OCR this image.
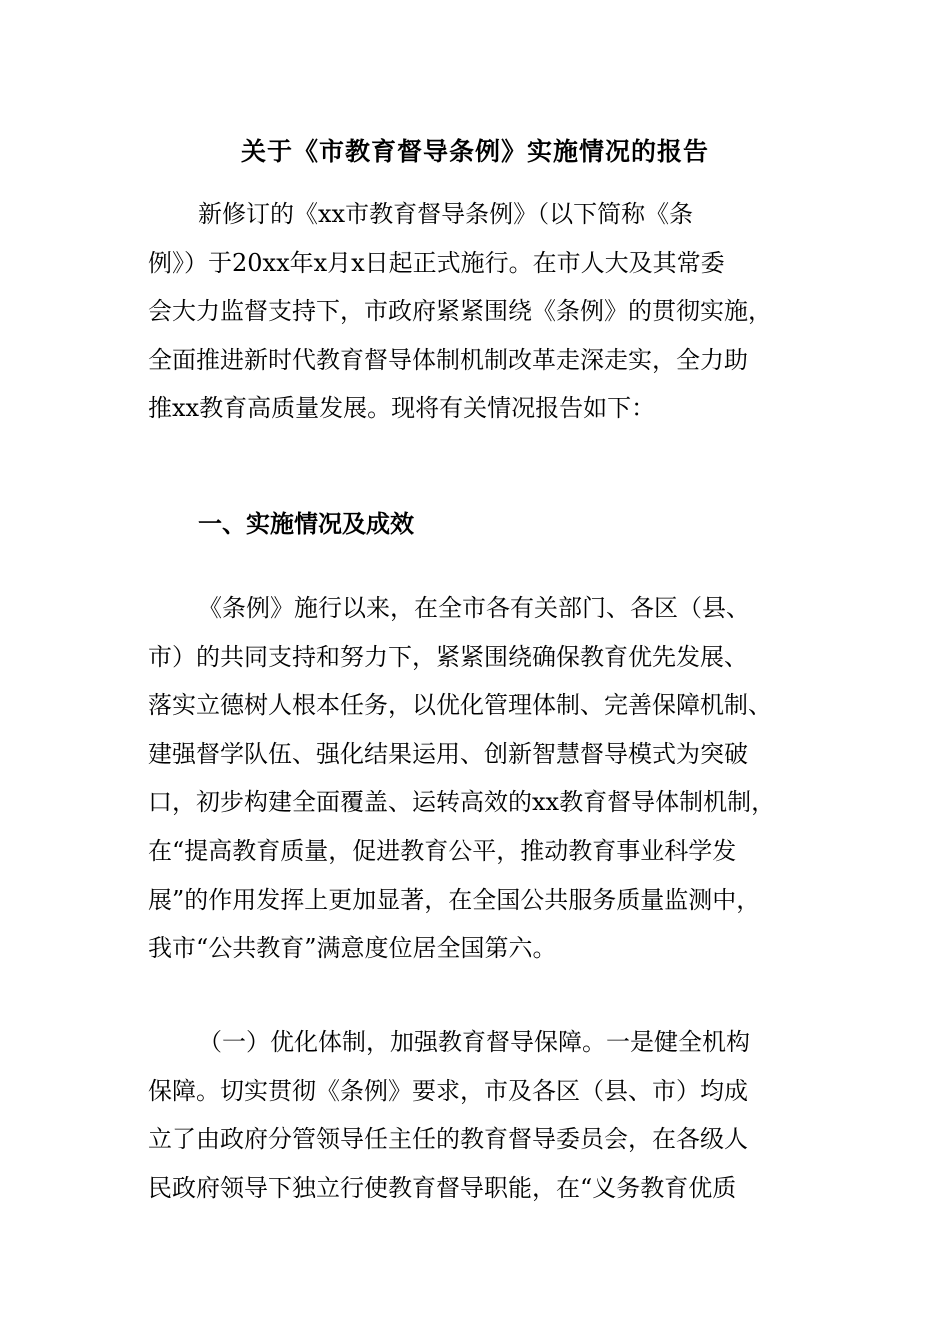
关于《市教育督导条例》实施情况的报告
新修订的《xx市教育督导条例》（以下简称《条
例》）于20xx年x月x日起正式施行。在市人大及其常委
会大力监督支持下，市政府紧紧围绕《条例》的贯彻实施，
全面推进新时代教育督导体制机制改革走深走实，全力助
推xx教育高质量发展。现将有关情况报告如下：
一、实施情况及成效
《条例》施行以来，在全市各有关部门、各区（县、
市）的共同支持和努力下，紧紧围绕确保教育优先发展、
落实立德树人根本任务，以优化管理体制、完善保障机制、
建强督学队伍、强化结果运用、创新智慧督导模式为突破
口，初步构建全面覆盖、运转高效的xx教育督导体制机制，
在“提高教育质量，促进教育公平，推动教育事业科学发
展”的作用发挥上更加显著，在全国公共服务质量监测中，
我市“公共教育”满意度位居全国第六。
（一）优化体制，加强教育督导保障。一是健全机构
保障。切实贯彻《条例》要求，市及各区（县、市）均成
立了由政府分管领导任主任的教育督导委员会，在各级人
民政府领导下独立行使教育督导职能，在“义务教育优质
